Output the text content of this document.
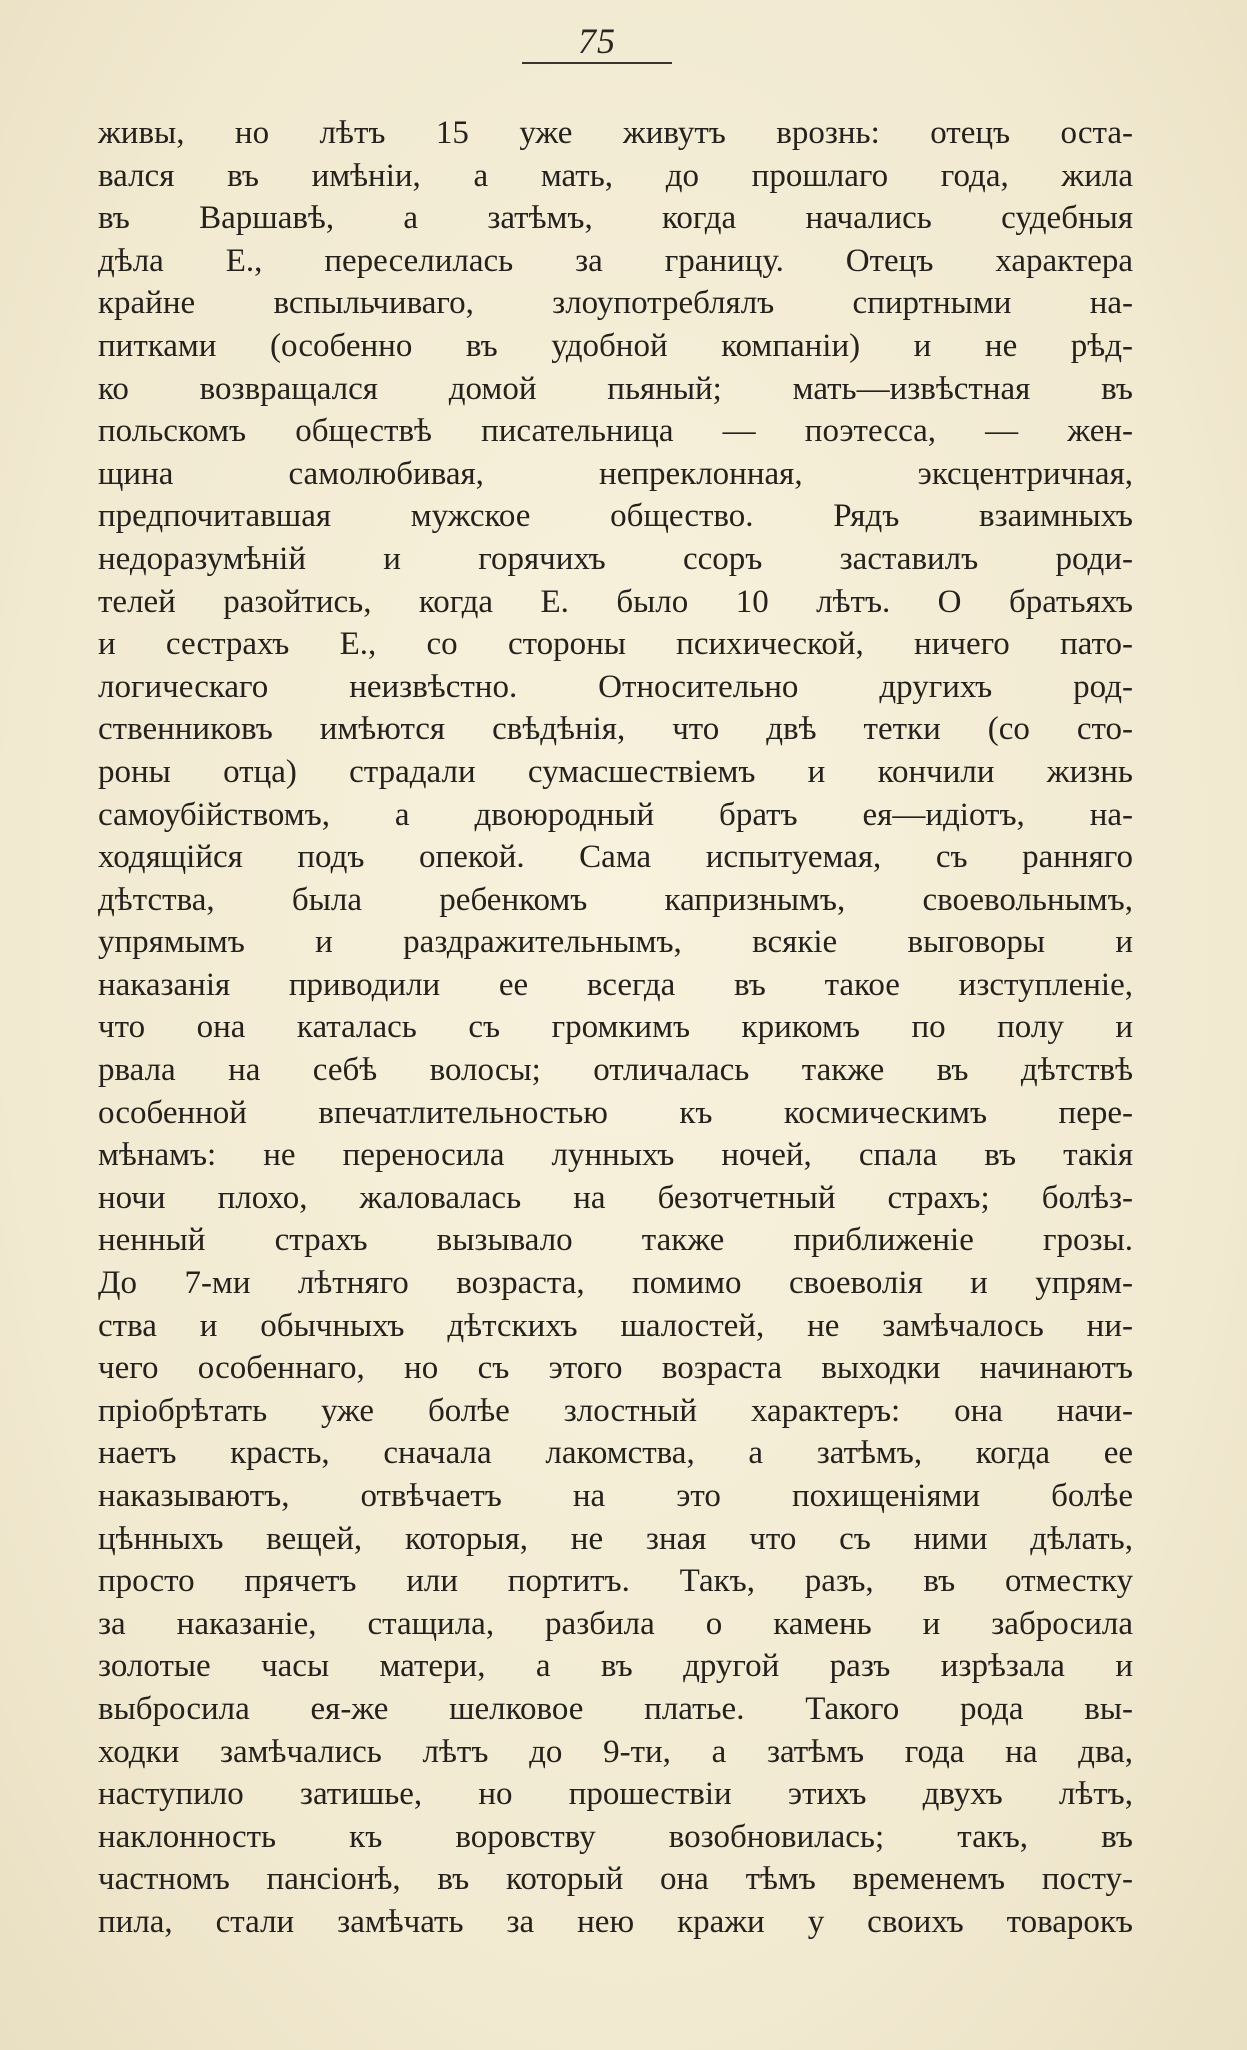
75
живы, но лѣтъ 15 уже живутъ врознь: отецъ оста-
вался въ имѣнiи, а мать, до прошлаго года, жила
въ Варшавѣ, а затѣмъ, когда начались судебныя
дѣла Е., переселилась за границу. Отецъ характера
крайне вспыльчиваго, злоупотреблялъ спиртными на-
питками (особенно въ удобной компанiи) и не рѣд-
ко возвращался домой пьяный; мать—извѣстная въ
польскомъ обществѣ писательница — поэтесса, — жен-
щина самолюбивая, непреклонная, эксцентричная,
предпочитавшая мужское общество. Рядъ взаимныхъ
недоразумѣнiй и горячихъ ссоръ заставилъ роди-
телей разойтись, когда Е. было 10 лѣтъ. О братьяхъ
и сестрахъ Е., со стороны психической, ничего пато-
логическаго неизвѣстно. Относительно другихъ род-
ственниковъ имѣются свѣдѣнiя, что двѣ тетки (со сто-
роны отца) страдали сумасшествiемъ и кончили жизнь
самоубiйствомъ, а двоюродный братъ ея—идiотъ, на-
ходящiйся подъ опекой. Сама испытуемая, съ ранняго
дѣтства, была ребенкомъ капризнымъ, своевольнымъ,
упрямымъ и раздражительнымъ, всякiе выговоры и
наказанiя приводили ее всегда въ такое изступленiе,
что она каталась съ громкимъ крикомъ по полу и
рвала на себѣ волосы; отличалась также въ дѣтствѣ
особенной впечатлительностью къ космическимъ пере-
мѣнамъ: не переносила лунныхъ ночей, спала въ такiя
ночи плохо, жаловалась на безотчетный страхъ; болѣз-
ненный страхъ вызывало также приближенiе грозы.
До 7-ми лѣтняго возраста, помимо своеволiя и упрям-
ства и обычныхъ дѣтскихъ шалостей, не замѣчалось ни-
чего особеннаго, но съ этого возраста выходки начинаютъ
прiобрѣтать уже болѣе злостный характеръ: она начи-
наетъ красть, сначала лакомства, а затѣмъ, когда ее
наказываютъ, отвѣчаетъ на это похищенiями болѣе
цѣнныхъ вещей, которыя, не зная что съ ними дѣлать,
просто прячетъ или портитъ. Такъ, разъ, въ отместку
за наказанiе, стащила, разбила о камень и забросила
золотые часы матери, а въ другой разъ изрѣзала и
выбросила ея-же шелковое платье. Такого рода вы-
ходки замѣчались лѣтъ до 9-ти, а затѣмъ года на два,
наступило затишье, но прошествiи этихъ двухъ лѣтъ,
наклонность къ воровству возобновилась; такъ, въ
частномъ пансiонѣ, въ который она тѣмъ временемъ посту-
пила, стали замѣчать за нею кражи у своихъ товарокъ
